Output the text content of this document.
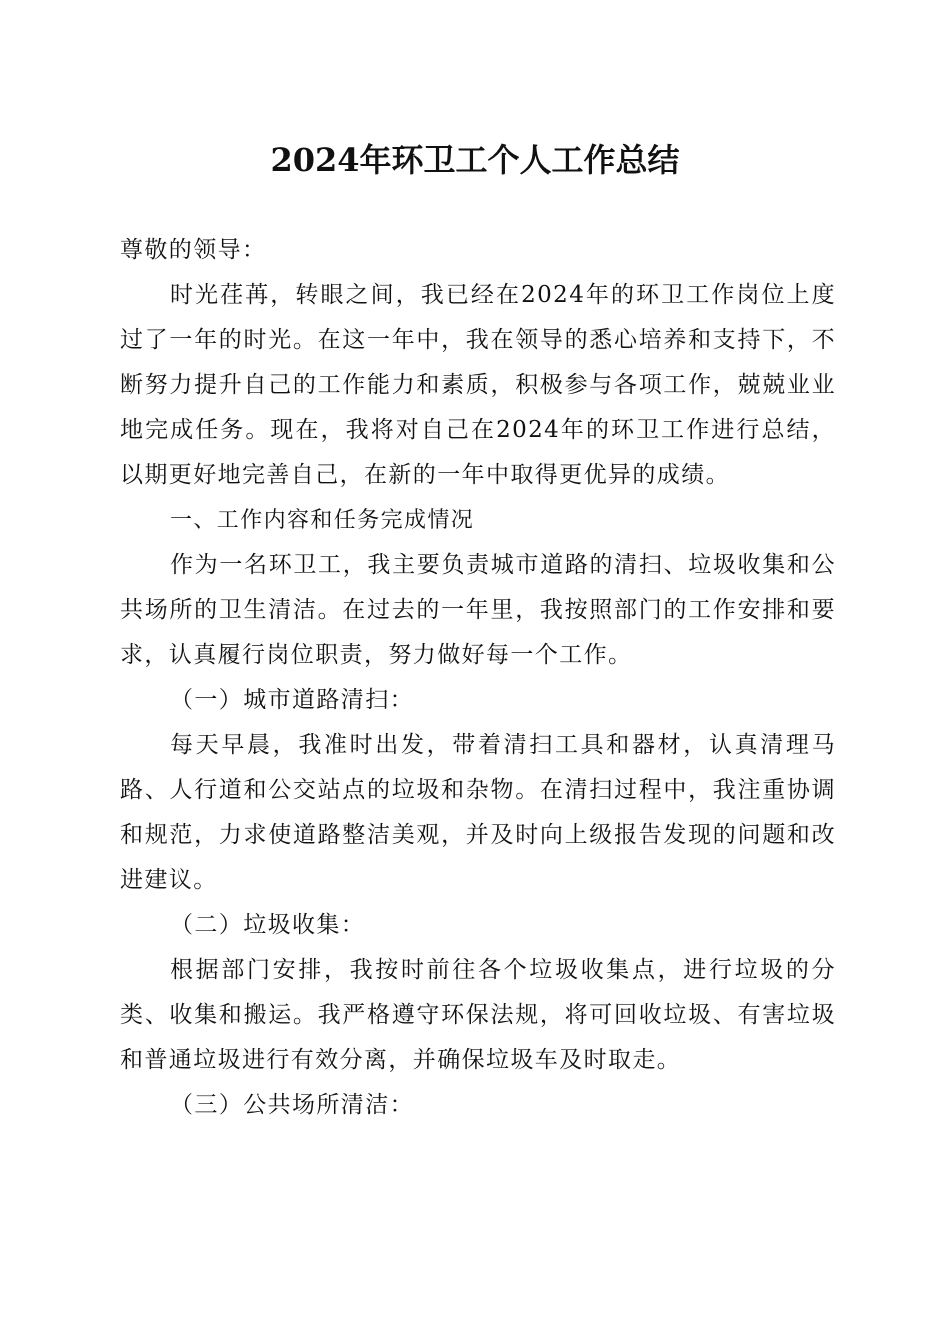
2024年环卫工个人工作总结

尊敬的领导：

时光荏苒，转眼之间，我已经在2024年的环卫工作岗位上度过了一年的时光。在这一年中，我在领导的悉心培养和支持下，不断努力提升自己的工作能力和素质，积极参与各项工作，兢兢业业地完成任务。现在，我将对自己在2024年的环卫工作进行总结，以期更好地完善自己，在新的一年中取得更优异的成绩。

一、工作内容和任务完成情况

作为一名环卫工，我主要负责城市道路的清扫、垃圾收集和公共场所的卫生清洁。在过去的一年里，我按照部门的工作安排和要求，认真履行岗位职责，努力做好每一个工作。

（一）城市道路清扫：

每天早晨，我准时出发，带着清扫工具和器材，认真清理马路、人行道和公交站点的垃圾和杂物。在清扫过程中，我注重协调和规范，力求使道路整洁美观，并及时向上级报告发现的问题和改进建议。

（二）垃圾收集：

根据部门安排，我按时前往各个垃圾收集点，进行垃圾的分类、收集和搬运。我严格遵守环保法规，将可回收垃圾、有害垃圾和普通垃圾进行有效分离，并确保垃圾车及时取走。

（三）公共场所清洁：
